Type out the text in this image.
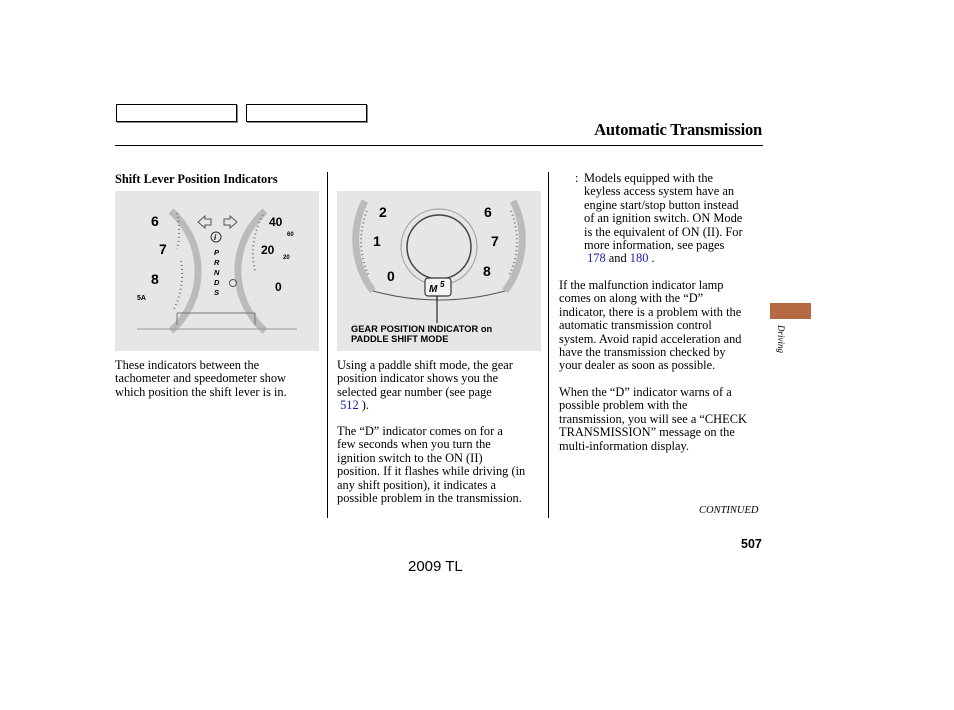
Automatic Transmission
Shift Lever Position Indicators
6
7
8
40
20
0
60
20
i
P
R
N
D
S
5A
These indicators between the
tachometer and speedometer show
which position the shift lever is in.
2
1
0
6
7
8
M 5
GEAR POSITION INDICATOR on
PADDLE SHIFT MODE
Using a paddle shift mode, the gear
position indicator shows you the
selected gear number (see page
512 ).
The “D” indicator comes on for a
few seconds when you turn the
ignition switch to the ON (II)
position. If it flashes while driving (in
any shift position), it indicates a
possible problem in the transmission.
: Models equipped with the
keyless access system have an
engine start/stop button instead
of an ignition switch. ON Mode
is the equivalent of ON (II). For
more information, see pages
178 and 180 .
If the malfunction indicator lamp
comes on along with the “D”
indicator, there is a problem with the
automatic transmission control
system. Avoid rapid acceleration and
have the transmission checked by
your dealer as soon as possible.
When the “D” indicator warns of a
possible problem with the
transmission, you will see a “CHECK
TRANSMISSION” message on the
multi-information display.
Driving
CONTINUED
507
2009 TL
